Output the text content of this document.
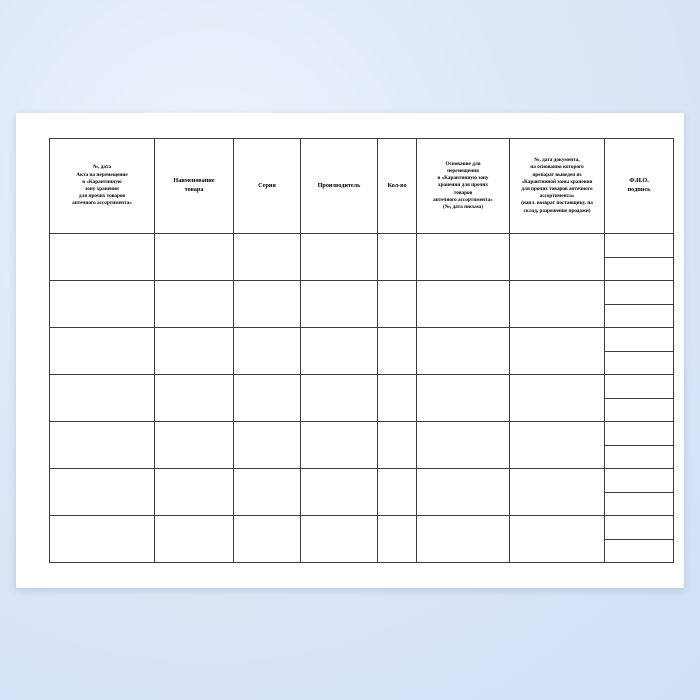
№, дата
Акта на перемещение
в «Карантинную
зону хранения
для прочих товаров
аптечного ассортимента»

Наименование
товара

Серия	Производитель	Кол-во

Основание для
перемещения
в «Карантинную зону
хранения для прочих
товаров
аптечного ассортимента»
(№, дата письма)

№, дата документа,
на основания которого
препарат выведен из
«Карантинной зоны хранения
для прочих товаров аптечного
ассортимента»
(напл. возврат поставщику, на
склад, разрешение продажи)

Ф.И.О.
подпись
